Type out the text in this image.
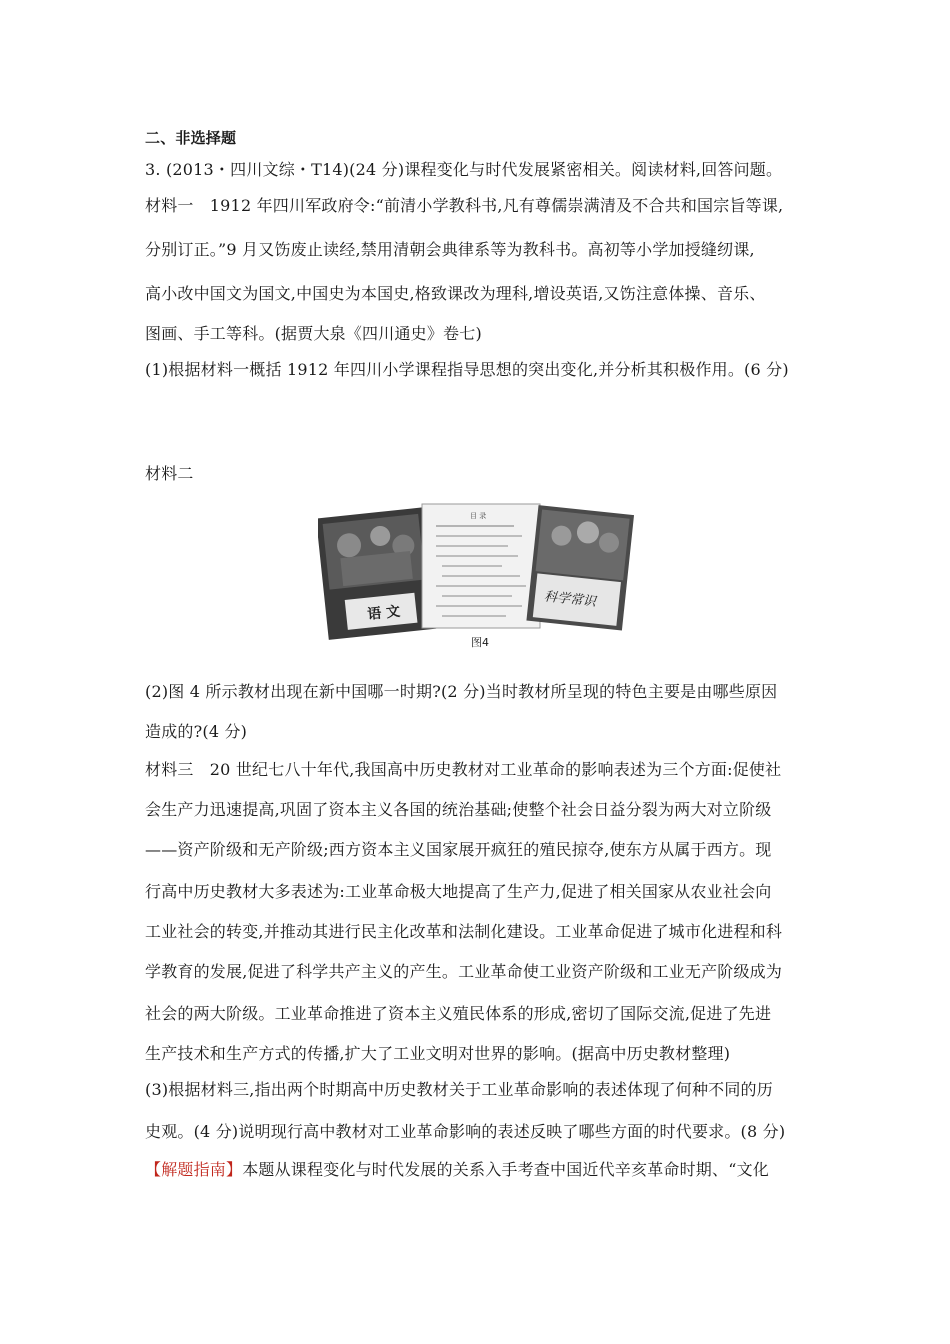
二、非选择题
3. (2013・四川文综・T14)(24 分)课程变化与时代发展紧密相关。阅读材料,回答问题。
材料一　1912 年四川军政府令:“前清小学教科书,凡有尊儒崇满清及不合共和国宗旨等课,
分别订正。”9 月又饬废止读经,禁用清朝会典律系等为教科书。高初等小学加授缝纫课,
高小改中国文为国文,中国史为本国史,格致课改为理科,增设英语,又饬注意体操、音乐、
图画、手工等科。(据贾大泉《四川通史》卷七)
(1)根据材料一概括 1912 年四川小学课程指导思想的突出变化,并分析其积极作用。(6 分)
材料二
语 文
目 录
科学常识
图4
(2)图 4 所示教材出现在新中国哪一时期?(2 分)当时教材所呈现的特色主要是由哪些原因
造成的?(4 分)
材料三　20 世纪七八十年代,我国高中历史教材对工业革命的影响表述为三个方面:促使社
会生产力迅速提高,巩固了资本主义各国的统治基础;使整个社会日益分裂为两大对立阶级
——资产阶级和无产阶级;西方资本主义国家展开疯狂的殖民掠夺,使东方从属于西方。现
行高中历史教材大多表述为:工业革命极大地提高了生产力,促进了相关国家从农业社会向
工业社会的转变,并推动其进行民主化改革和法制化建设。工业革命促进了城市化进程和科
学教育的发展,促进了科学共产主义的产生。工业革命使工业资产阶级和工业无产阶级成为
社会的两大阶级。工业革命推进了资本主义殖民体系的形成,密切了国际交流,促进了先进
生产技术和生产方式的传播,扩大了工业文明对世界的影响。(据高中历史教材整理)
(3)根据材料三,指出两个时期高中历史教材关于工业革命影响的表述体现了何种不同的历
史观。(4 分)说明现行高中教材对工业革命影响的表述反映了哪些方面的时代要求。(8 分)
【解题指南】本题从课程变化与时代发展的关系入手考查中国近代辛亥革命时期、“文化
